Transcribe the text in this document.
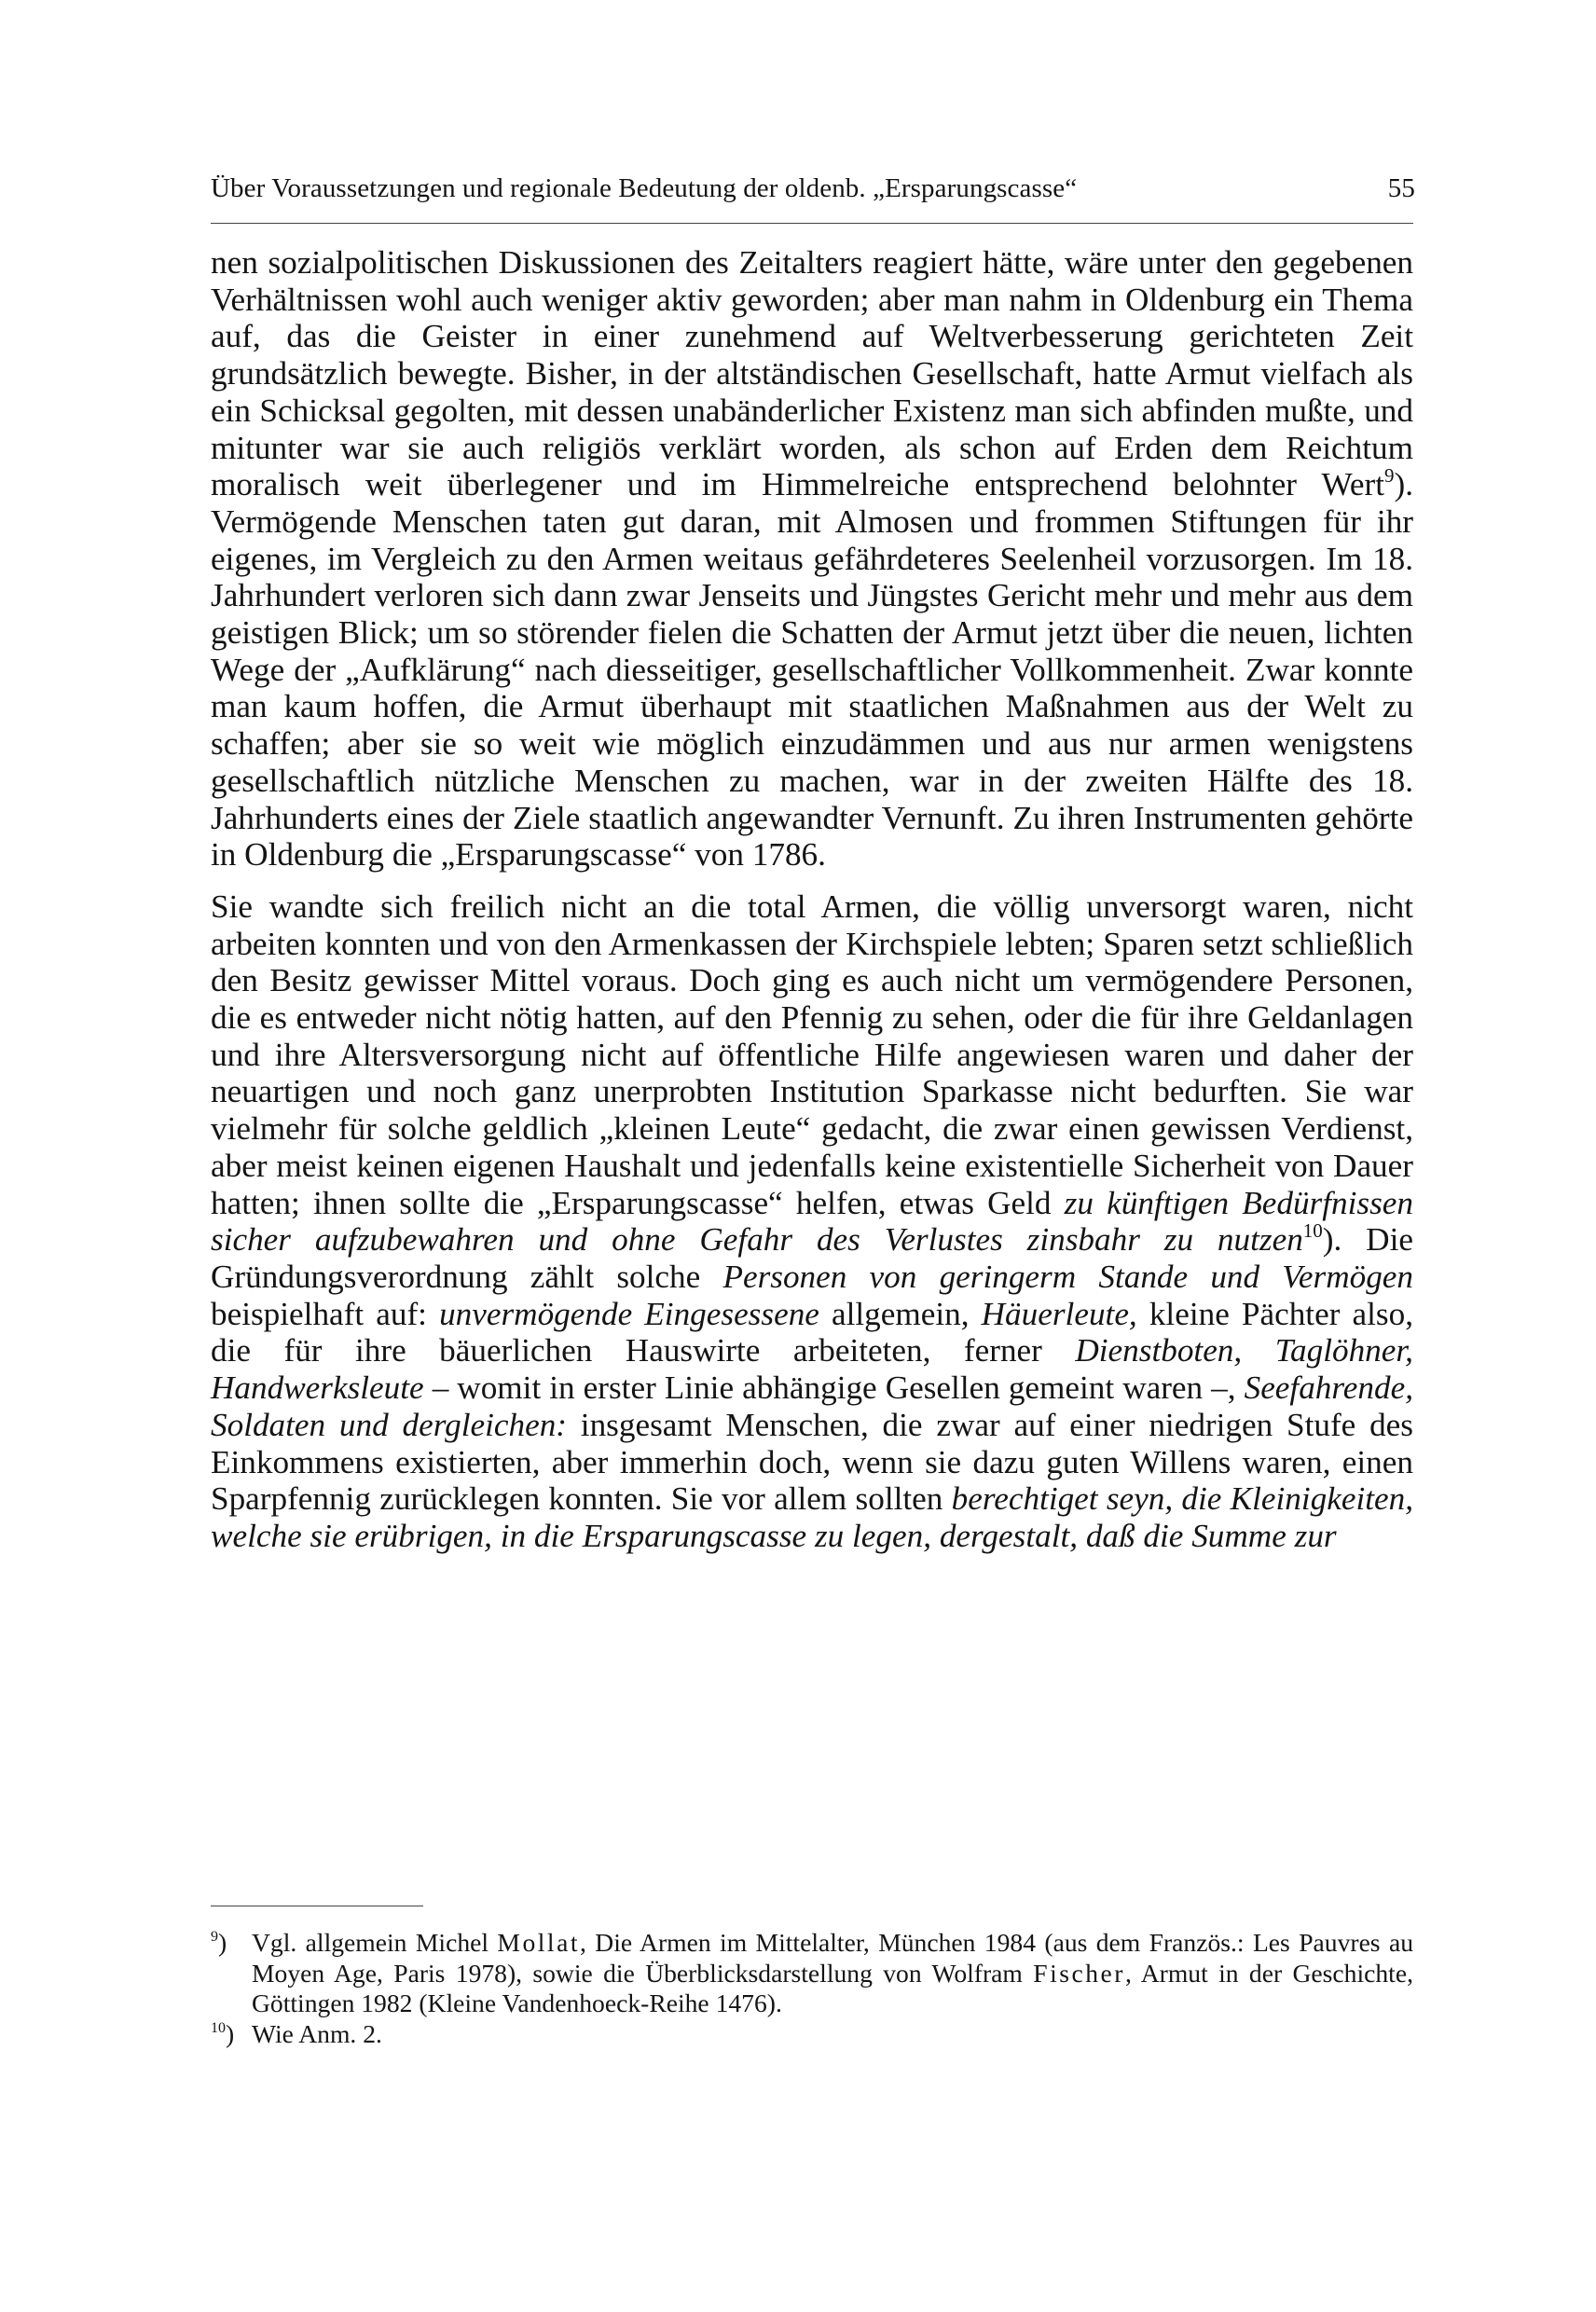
Über Voraussetzungen und regionale Bedeutung der oldenb. „Ersparungscasse“	55

nen sozialpolitischen Diskussionen des Zeitalters reagiert hätte, wäre unter den gegebenen Verhältnissen wohl auch weniger aktiv geworden; aber man nahm in Oldenburg ein Thema auf, das die Geister in einer zunehmend auf Weltverbesserung gerichteten Zeit grundsätzlich bewegte. Bisher, in der altständischen Gesellschaft, hatte Armut vielfach als ein Schicksal gegolten, mit dessen unabänderlicher Existenz man sich abfinden mußte, und mitunter war sie auch religiös verklärt worden, als schon auf Erden dem Reichtum moralisch weit überlegener und im Himmelreiche entsprechend belohnter Wert$^9$). Vermögende Menschen taten gut daran, mit Almosen und frommen Stiftungen für ihr eigenes, im Vergleich zu den Armen weitaus gefährdeteres Seelenheil vorzusorgen. Im 18. Jahrhundert verloren sich dann zwar Jenseits und Jüngstes Gericht mehr und mehr aus dem geistigen Blick; um so störender fielen die Schatten der Armut jetzt über die neuen, lichten Wege der „Aufklärung“ nach diesseitiger, gesellschaftlicher Vollkommenheit. Zwar konnte man kaum hoffen, die Armut überhaupt mit staatlichen Maßnahmen aus der Welt zu schaffen; aber sie so weit wie möglich einzudämmen und aus nur armen wenigstens gesellschaftlich nützliche Menschen zu machen, war in der zweiten Hälfte des 18. Jahrhunderts eines der Ziele staatlich angewandter Vernunft. Zu ihren Instrumenten gehörte in Oldenburg die „Ersparungscasse“ von 1786.

Sie wandte sich freilich nicht an die total Armen, die völlig unversorgt waren, nicht arbeiten konnten und von den Armenkassen der Kirchspiele lebten; Sparen setzt schließlich den Besitz gewisser Mittel voraus. Doch ging es auch nicht um vermögendere Personen, die es entweder nicht nötig hatten, auf den Pfennig zu sehen, oder die für ihre Geldanlagen und ihre Altersversorgung nicht auf öffentliche Hilfe angewiesen waren und daher der neuartigen und noch ganz unerprobten Institution Sparkasse nicht bedurften. Sie war vielmehr für solche geldlich „kleinen Leute“ gedacht, die zwar einen gewissen Verdienst, aber meist keinen eigenen Haushalt und jedenfalls keine existentielle Sicherheit von Dauer hatten; ihnen sollte die „Ersparungscasse“ helfen, etwas Geld zu künftigen Bedürfnissen sicher aufzubewahren und ohne Gefahr des Verlustes zinsbahr zu nutzen$^{10}$). Die Gründungsverordnung zählt solche Personen von geringerm Stande und Vermögen beispielhaft auf: unvermögende Eingesessene allgemein, Häuerleute, kleine Pächter also, die für ihre bäuerlichen Hauswirte arbeiteten, ferner Dienstboten, Taglöhner, Handwerksleute – womit in erster Linie abhängige Gesellen gemeint waren –, Seefahrende, Soldaten und dergleichen: insgesamt Menschen, die zwar auf einer niedrigen Stufe des Einkommens existierten, aber immerhin doch, wenn sie dazu guten Willens waren, einen Sparpfennig zurücklegen konnten. Sie vor allem sollten berechtiget seyn, die Kleinigkeiten, welche sie erübrigen, in die Ersparungscasse zu legen, dergestalt, daß die Summe zur

$^9$) Vgl. allgemein Michel Mollat, Die Armen im Mittelalter, München 1984 (aus dem Französ.: Les Pauvres au Moyen Age, Paris 1978), sowie die Überblicksdarstellung von Wolfram Fischer, Armut in der Geschichte, Göttingen 1982 (Kleine Vandenhoeck-Reihe 1476).
$^{10}$) Wie Anm. 2.
